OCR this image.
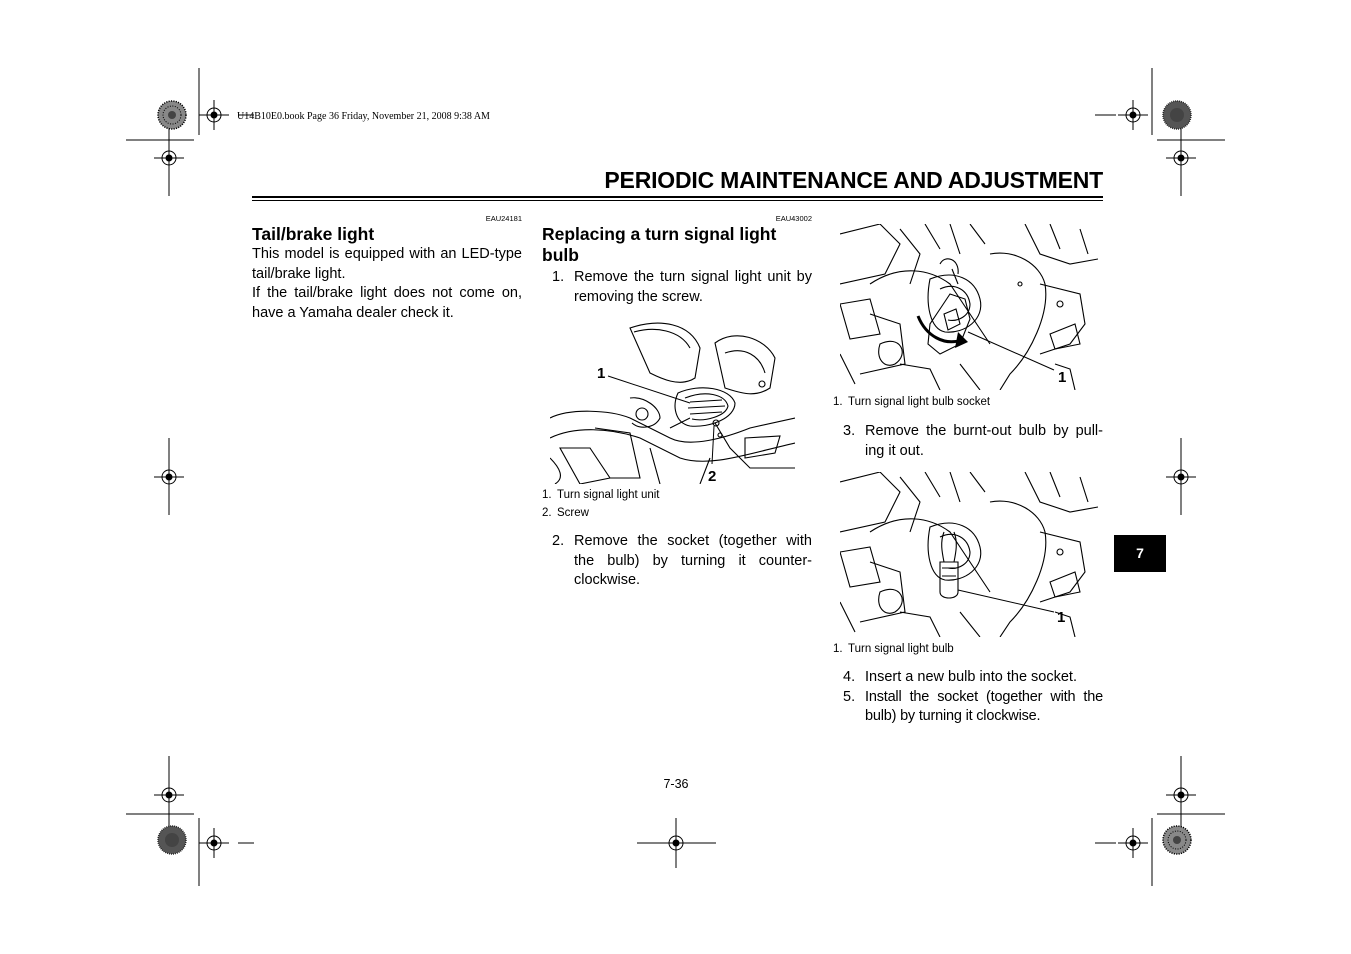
U14B10E0.book Page 36 Friday, November 21, 2008 9:38 AM
PERIODIC MAINTENANCE AND ADJUSTMENT
EAU24181
Tail/brake light

This model is equipped with an LED-type tail/brake light.

If the tail/brake light does not come on, have a Yamaha dealer check it.

EAU43002
Replacing a turn signal light bulb
1. Remove the turn signal light unit by removing the screw.
1
2
1. Turn signal light unit
2. Screw
2. Remove the socket (together with the bulb) by turning it counter-clockwise.
1
1. Turn signal light bulb socket
3. Remove the burnt-out bulb by pull-ing it out.
1
1. Turn signal light bulb
4. Insert a new bulb into the socket.
5. Install the socket (together with the bulb) by turning it clockwise.
7
7-36
